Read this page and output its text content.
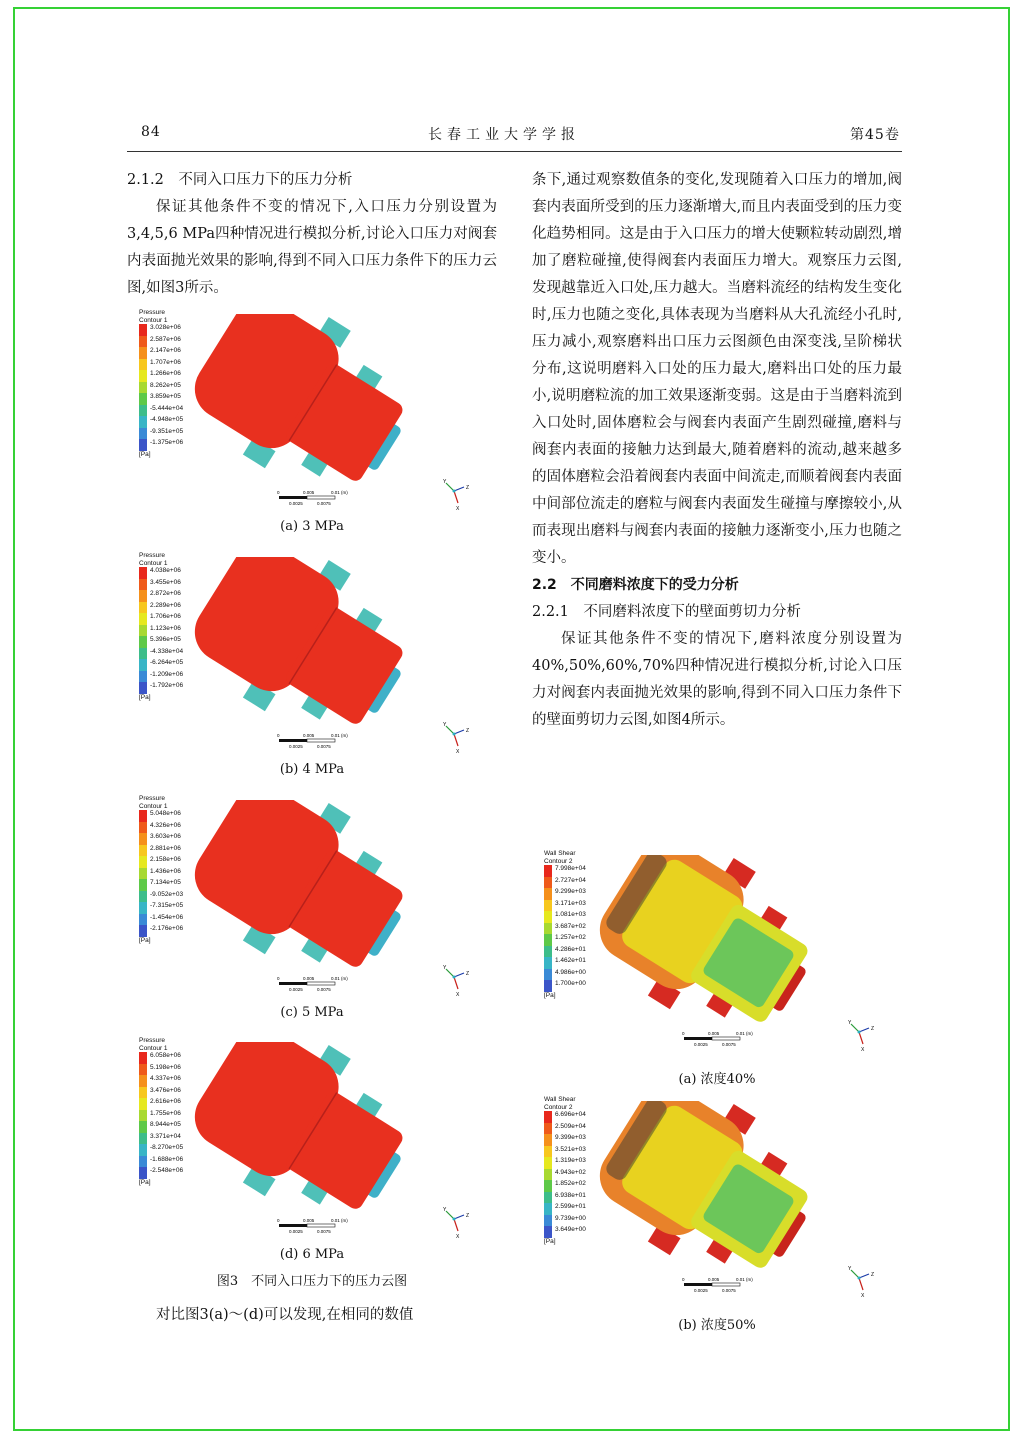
84	长春工业大学学报	第45卷

2.1.2　不同入口压力下的压力分析

保证其他条件不变的情况下,入口压力分别设置为3,4,5,6 MPa四种情况进行模拟分析,讨论入口压力对阀套内表面抛光效果的影响,得到不同入口压力条件下的压力云图,如图3所示。

Pressure
Contour 1
3.028e+06
2.587e+06
2.147e+06
1.707e+06
1.266e+06
8.262e+05
3.859e+05
-5.444e+04
-4.948e+05
-9.351e+05
-1.375e+06
[Pa]
0	0.005	0.01 (m)
0.0025	0.0075
Y
Z
X
(a) 3 MPa
Pressure
Contour 1
4.038e+06
3.455e+06
2.872e+06
2.289e+06
1.706e+06
1.123e+06
5.396e+05
-4.338e+04
-6.264e+05
-1.209e+06
-1.792e+06
[Pa]
0	0.005	0.01 (m)
0.0025	0.0075
Y
Z
X
(b) 4 MPa
Pressure
Contour 1
5.048e+06
4.326e+06
3.603e+06
2.881e+06
2.158e+06
1.436e+06
7.134e+05
-9.052e+03
-7.315e+05
-1.454e+06
-2.176e+06
[Pa]
0	0.005	0.01 (m)
0.0025	0.0075
Y
Z
X
(c) 5 MPa
Pressure
Contour 1
6.058e+06
5.198e+06
4.337e+06
3.476e+06
2.616e+06
1.755e+06
8.944e+05
3.371e+04
-8.270e+05
-1.688e+06
-2.548e+06
[Pa]
0	0.005	0.01 (m)
0.0025	0.0075
Y
Z
X
(d) 6 MPa
图3　不同入口压力下的压力云图

对比图3(a)～(d)可以发现,在相同的数值

条下,通过观察数值条的变化,发现随着入口压力的增加,阀套内表面所受到的压力逐渐增大,而且内表面受到的压力变化趋势相同。这是由于入口压力的增大使颗粒转动剧烈,增加了磨粒碰撞,使得阀套内表面压力增大。观察压力云图,发现越靠近入口处,压力越大。当磨料流经的结构发生变化时,压力也随之变化,具体表现为当磨料从大孔流经小孔时,压力减小,观察磨料出口压力云图颜色由深变浅,呈阶梯状分布,这说明磨料入口处的压力最大,磨料出口处的压力最小,说明磨粒流的加工效果逐渐变弱。这是由于当磨料流到入口处时,固体磨粒会与阀套内表面产生剧烈碰撞,磨料与阀套内表面的接触力达到最大,随着磨料的流动,越来越多的固体磨粒会沿着阀套内表面中间流走,而顺着阀套内表面中间部位流走的磨粒与阀套内表面发生碰撞与摩擦较小,从而表现出磨料与阀套内表面的接触力逐渐变小,压力也随之变小。

2.2　不同磨料浓度下的受力分析

2.2.1　不同磨料浓度下的壁面剪切力分析

保证其他条件不变的情况下,磨料浓度分别设置为40%,50%,60%,70%四种情况进行模拟分析,讨论入口压力对阀套内表面抛光效果的影响,得到不同入口压力条件下的壁面剪切力云图,如图4所示。

Wall Shear
Contour 2
7.998e+04
2.727e+04
9.299e+03
3.171e+03
1.081e+03
3.687e+02
1.257e+02
4.286e+01
1.462e+01
4.986e+00
1.700e+00
[Pa]
0	0.005	0.01 (m)
0.0025	0.0075
Y
Z
X
(a) 浓度40%
Wall Shear
Contour 2
6.696e+04
2.509e+04
9.399e+03
3.521e+03
1.319e+03
4.943e+02
1.852e+02
6.938e+01
2.599e+01
9.739e+00
3.649e+00
[Pa]
0	0.005	0.01 (m)
0.0025	0.0075
Y
Z
X
(b) 浓度50%
